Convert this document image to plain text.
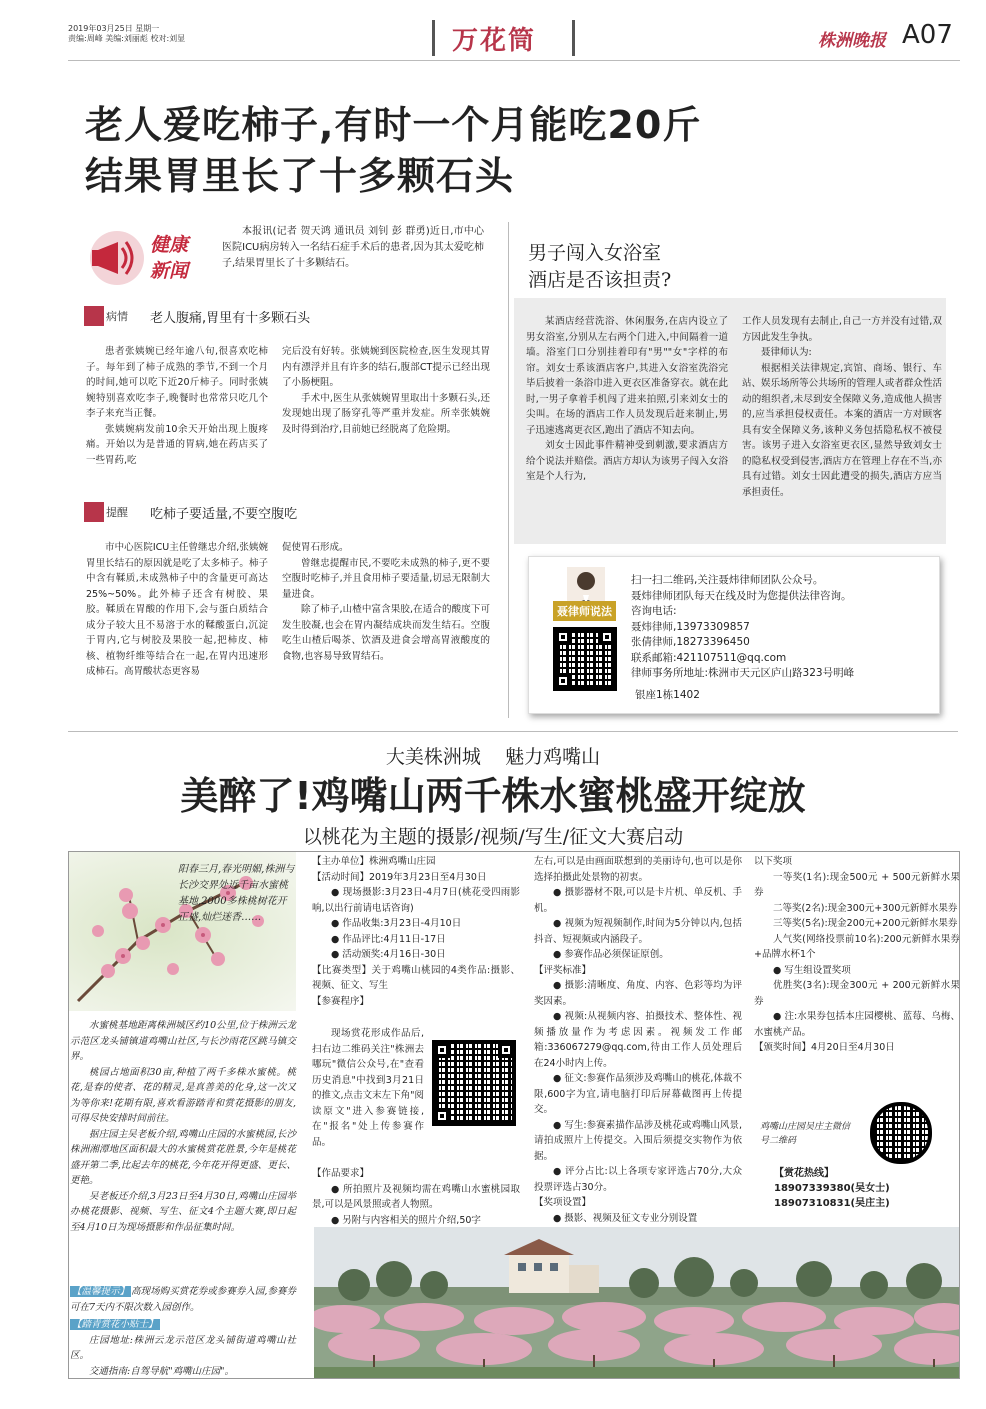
2019年03月25日 星期一
责编:周峰 美编:刘丽彪 校对:刘显	万花筒	株洲晚报 A07
老人爱吃柿子,有时一个月能吃20斤
结果胃里长了十多颗石头
健康
新闻

本报讯(记者 贺天鸿 通讯员 刘钊 彭 群勇)近日,市中心医院ICU病房转入一名结石症手术后的患者,因为其太爱吃柿子,结果胃里长了十多颗结石。

病情 老人腹痛,胃里有十多颗石头

患者张姨婉已经年逾八旬,很喜欢吃柿子。每年到了柿子成熟的季节,不到一个月的时间,她可以吃下近20斤柿子。同时张姨婉特别喜欢吃李子,晚餐时也常常只吃几个李子来充当正餐。

张姨婉病发前10余天开始出现上腹疼痛。开始以为是普通的胃病,她在药店买了一些胃药,吃

完后没有好转。张姨婉到医院检查,医生发现其胃内有漂浮并且有许多的结石,腹部CT提示已经出现了小肠梗阻。

手术中,医生从张姨婉胃里取出十多颗石头,还发现她出现了肠穿孔等严重并发症。所幸张姨婉及时得到治疗,目前她已经脱离了危险期。

提醒 吃柿子要适量,不要空腹吃

市中心医院ICU主任曾继忠介绍,张姨婉胃里长结石的原因就是吃了太多柿子。柿子中含有鞣质,未成熟柿子中的含量更可高达25%~50%。此外柿子还含有树胶、果胶。鞣质在胃酸的作用下,会与蛋白质结合成分子较大且不易溶于水的鞣酸蛋白,沉淀于胃内,它与树胶及果胶一起,把柿皮、柿核、植物纤维等结合在一起,在胃内迅速形成柿石。高胃酸状态更容易

促使胃石形成。

曾继忠提醒市民,不要吃未成熟的柿子,更不要空腹时吃柿子,并且食用柿子要适量,切忌无限制大量进食。

除了柿子,山楂中富含果胶,在适合的酸度下可发生胶凝,也会在胃内凝结成块而发生结石。空腹吃生山楂后喝茶、饮酒及进食会增高胃液酸度的食物,也容易导致胃结石。

男子闯入女浴室
酒店是否该担责?

某酒店经营洗浴、休闲服务,在店内设立了男女浴室,分别从左右两个门进入,中间隔着一道墙。浴室门口分别挂着印有"男""女"字样的布帘。刘女士系该酒店客户,其进入女浴室洗浴完毕后披着一条浴巾进入更衣区准备穿衣。就在此时,一男子拿着手机闯了进来拍照,引来刘女士的尖叫。在场的酒店工作人员发现后赶来制止,男子迅速逃离更衣区,跑出了酒店不知去向。

刘女士因此事件精神受到刺激,要求酒店方给个说法并赔偿。酒店方却认为该男子闯入女浴室是个人行为,

工作人员发现有去制止,自己一方并没有过错,双方因此发生争执。

聂律师认为:

根据相关法律规定,宾馆、商场、银行、车站、娱乐场所等公共场所的管理人或者群众性活动的组织者,未尽到安全保障义务,造成他人损害的,应当承担侵权责任。本案的酒店一方对顾客具有安全保障义务,该种义务包括隐私权不被侵害。该男子进入女浴室更衣区,显然导致刘女士的隐私权受到侵害,酒店方在管理上存在不当,亦具有过错。刘女士因此遭受的损失,酒店方应当承担责任。

聂律师说法
扫一扫二维码,关注聂炜律师团队公众号。
聂炜律师团队每天在线及时为您提供法律咨询。
咨询电话:
聂炜律师,13973309857
张倩律师,18273396450
联系邮箱:421107511@qq.com
律师事务所地址:株洲市天元区庐山路323号明峰
银座1栋1402
大美株洲城    魅力鸡嘴山
美醉了!鸡嘴山两千株水蜜桃盛开绽放
以桃花为主题的摄影/视频/写生/征文大赛启动
阳春三月,春光明媚,株洲与长沙交界处近千亩水蜜桃基地,2000多株桃树花开正盛,灿烂迷香……

水蜜桃基地距离株洲城区约10公里,位于株洲云龙示范区龙头铺镇道鸡嘴山社区,与长沙雨花区跳马镇交界。

桃园占地面积30亩,种植了两千多株水蜜桃。桃花,是春的使者、花的精灵,是真善美的化身,这一次又为等你来!花期有限,喜欢看游踏青和赏花摄影的朋友,可得尽快安排时间前往。

据庄园主吴老板介绍,鸡嘴山庄园的水蜜桃园,长沙株洲湘潭地区面积最大的水蜜桃赏花胜景,今年是桃花盛开第二季,比起去年的桃花,今年花开得更盛、更长、更艳。

吴老板还介绍,3月23日至4月30日,鸡嘴山庄园举办桃花摄影、视频、写生、征文4个主题大赛,即日起至4月10日为现场摄影和作品征集时间。

【温馨提示】 高现场购买赏花券或参赛券入园,参赛券可在7天内不限次数入园创作。

【踏青赏花小贴士】

庄园地址:株洲云龙示范区龙头铺街道鸡嘴山社区。

交通指南:自驾导航"鸡嘴山庄园"。

【主办单位】株洲鸡嘴山庄园

【活动时间】2019年3月23日至4月30日

● 现场摄影:3月23日-4月7日(桃花受四雨影响,以出行前请电话咨询)

● 作品收集:3月23日-4月10日

● 作品评比:4月11日-17日

● 活动颁奖:4月16日-30日

【比赛类型】关于鸡嘴山桃园的4类作品:摄影、视频、征文、写生

【参赛程序】

现场赏花形成作品后,扫右边二维码关注"株洲去哪玩"微信公众号,在"查看历史消息"中找到3月21日的推文,点击文末左下角"阅读原文"进入参赛链接,在"报名"处上传参赛作品。

【作品要求】

● 所拍照片及视频均需在鸡嘴山水蜜桃园取景,可以是风景照或者人物照。

● 另附与内容相关的照片介绍,50字

左右,可以是由画面联想到的美丽诗句,也可以是你选择拍摄此处景物的初衷。

● 摄影器材不限,可以是卡片机、单反机、手机。

● 视频为短视频制作,时间为5分钟以内,包括抖音、短视频或内涵段子。

● 参赛作品必须保证原创。

【评奖标准】

● 摄影:清晰度、角度、内容、色彩等均为评奖因素。

● 视频:从视频内容、拍摄技术、整体性、视频播放量作为考虑因素。视频发工作邮箱:336067279@qq.com,待由工作人员处理后在24小时内上传。

● 征文:参赛作品须涉及鸡嘴山的桃花,体裁不限,600字为宜,请电脑打印后屏幕截图再上传提交。

● 写生:参赛素描作品涉及桃花或鸡嘴山风景,请拍成照片上传提交。入围后须提交实物作为依据。

● 评分占比:以上各项专家评选占70分,大众投票评选占30分。

【奖项设置】

● 摄影、视频及征文专业分别设置

以下奖项

一等奖(1名):现金500元 + 500元新鲜水果券

二等奖(2名):现金300元+300元新鲜水果券

三等奖(5名):现金200元+200元新鲜水果券

人气奖(网络投票前10名):200元新鲜水果券+品牌水杯1个

● 写生组设置奖项

优胜奖(3名):现金300元 + 200元新鲜水果券

● 注:水果券包括本庄园樱桃、蓝莓、乌梅、水蜜桃产品。

【颁奖时间】4月20日至4月30日

鸡嘴山庄园吴庄主微信号二维码
【赏花热线】
18907339380(吴女士)
18907310831(吴庄主)
